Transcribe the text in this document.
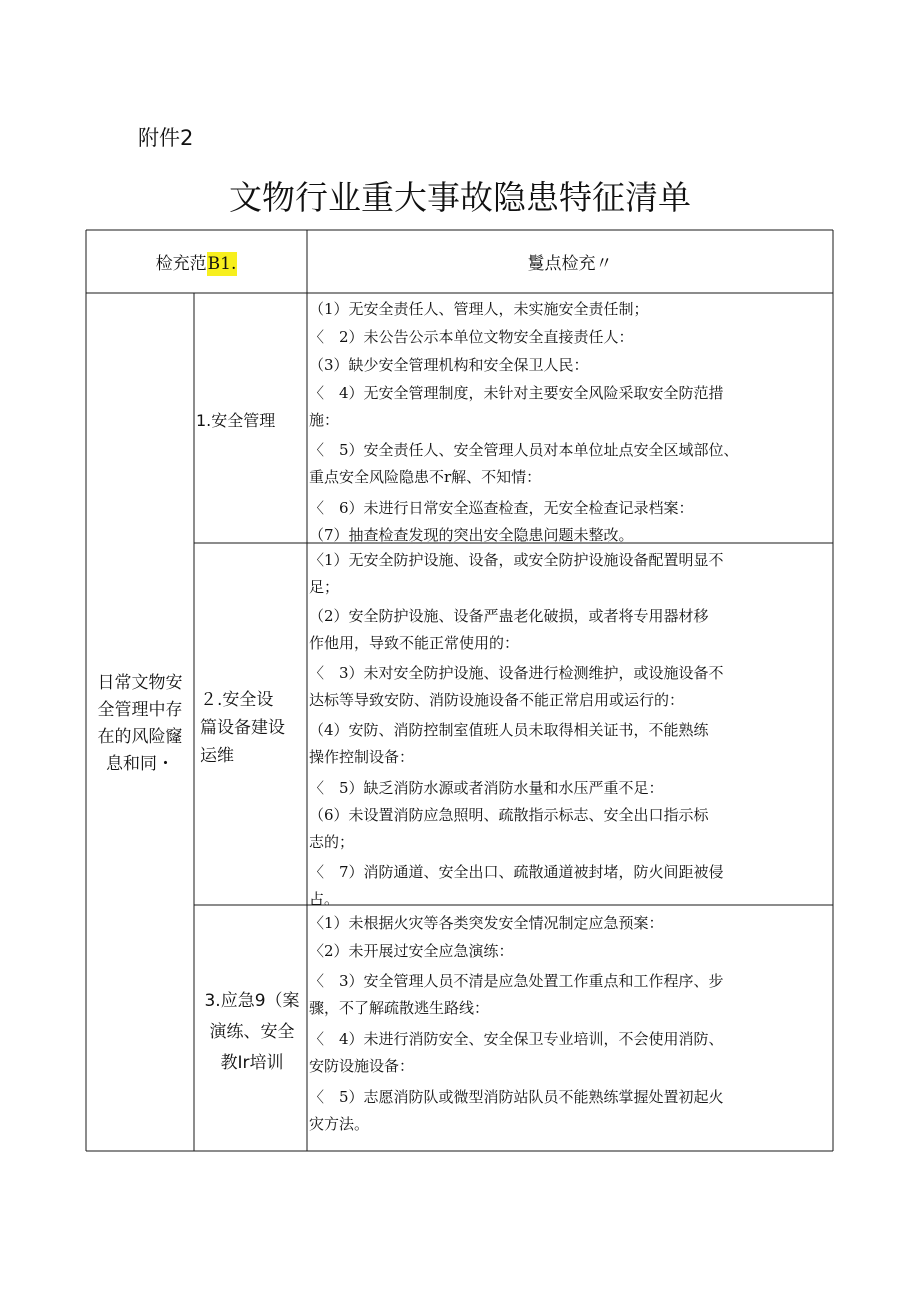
附件2
文物行业重大事故隐患特征清单
检充范B1.	鬘点检充〃
日常文物安
全管理中存
在的风险窿
息和同・
1.安全管理
２.安全设
篇设备建设
运维
3.应急9（案
演练、安全
教Ir培训
（1）无安全责任人、管理人，未实施安全责任制；
〈　2）未公告公示本单位文物安全直接责任人：
（3）缺少安全管理机构和安全保卫人民：
〈　4）无安全管理制度，未针对主要安全风险采取安全防范措
施：
〈　5）安全责任人、安全管理人员对本单位址点安全区域部位、
重点安全风险隐患不r解、不知情：
〈　6）未进行日常安全巡查检查，无安全检查记录档案：
（7）抽查检查发现的突出安全隐患问题未整改。
〈1）无安全防护设施、设备，或安全防护设施设备配置明显不
足；
（2）安全防护设施、设备严蛊老化破损，或者将专用器材移
作他用，导致不能正常使用的：
〈　3）未对安全防护设施、设备进行检测维护，或设施设备不
达标等导致安防、消防设施设备不能正常启用或运行的：
（4）安防、消防控制室值班人员未取得相关证书，不能熟练
操作控制设备：
〈　5）缺乏消防水源或者消防水量和水压严重不足：
（6）未设置消防应急照明、疏散指示标志、安全出口指示标
志的；
〈　7）消防通道、安全出口、疏散通道被封堵，防火间距被侵
占。
〈1）未根据火灾等各类突发安全情况制定应急预案：
〈2）未开展过安全应急演练：
〈　3）安全管理人员不清是应急处置工作重点和工作程序、步
骤，不了解疏散逃生路线：
〈　4）未进行消防安全、安全保卫专业培训，不会使用消防、
安防设施设备：
〈　5）志愿消防队或微型消防站队员不能熟练掌握处置初起火
灾方法。
